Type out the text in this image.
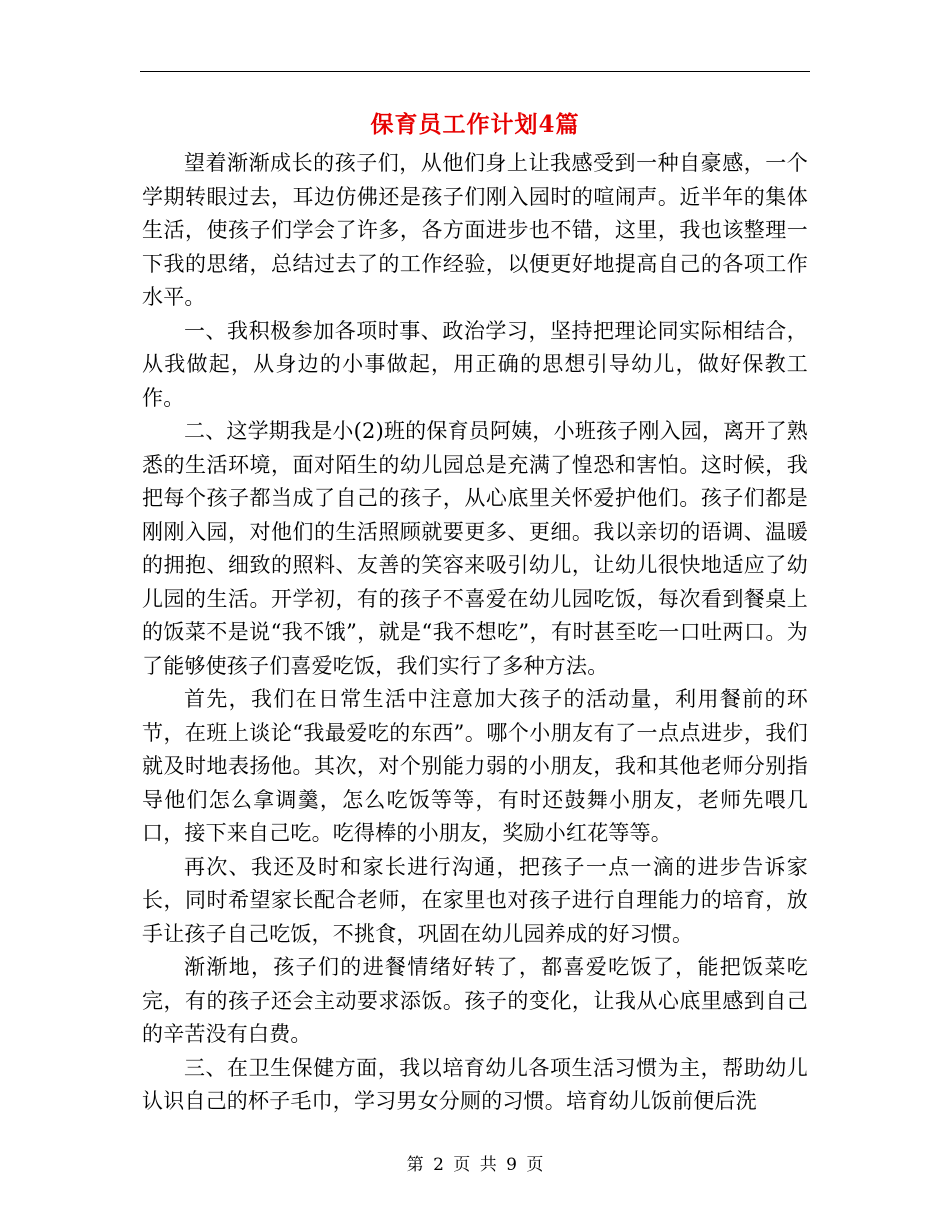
保育员工作计划4篇

望着渐渐成长的孩子们，从他们身上让我感受到一种自豪感，一个学期转眼过去，耳边仿佛还是孩子们刚入园时的喧闹声。近半年的集体生活，使孩子们学会了许多，各方面进步也不错，这里，我也该整理一下我的思绪，总结过去了的工作经验，以便更好地提高自己的各项工作水平。

一、我积极参加各项时事、政治学习，坚持把理论同实际相结合，从我做起，从身边的小事做起，用正确的思想引导幼儿，做好保教工作。

二、这学期我是小(2)班的保育员阿姨，小班孩子刚入园，离开了熟悉的生活环境，面对陌生的幼儿园总是充满了惶恐和害怕。这时候，我把每个孩子都当成了自己的孩子，从心底里关怀爱护他们。孩子们都是刚刚入园，对他们的生活照顾就要更多、更细。我以亲切的语调、温暖的拥抱、细致的照料、友善的笑容来吸引幼儿，让幼儿很快地适应了幼儿园的生活。开学初，有的孩子不喜爱在幼儿园吃饭，每次看到餐桌上的饭菜不是说“我不饿”，就是“我不想吃”，有时甚至吃一口吐两口。为了能够使孩子们喜爱吃饭，我们实行了多种方法。

首先，我们在日常生活中注意加大孩子的活动量，利用餐前的环节，在班上谈论“我最爱吃的东西”。哪个小朋友有了一点点进步，我们就及时地表扬他。其次，对个别能力弱的小朋友，我和其他老师分别指导他们怎么拿调羹，怎么吃饭等等，有时还鼓舞小朋友，老师先喂几口，接下来自己吃。吃得棒的小朋友，奖励小红花等等。

再次、我还及时和家长进行沟通，把孩子一点一滴的进步告诉家长，同时希望家长配合老师，在家里也对孩子进行自理能力的培育，放手让孩子自己吃饭，不挑食，巩固在幼儿园养成的好习惯。

渐渐地，孩子们的进餐情绪好转了，都喜爱吃饭了，能把饭菜吃完，有的孩子还会主动要求添饭。孩子的变化，让我从心底里感到自己的辛苦没有白费。

三、在卫生保健方面，我以培育幼儿各项生活习惯为主，帮助幼儿认识自己的杯子毛巾，学习男女分厕的习惯。培育幼儿饭前便后洗

第 2 页 共 9 页
